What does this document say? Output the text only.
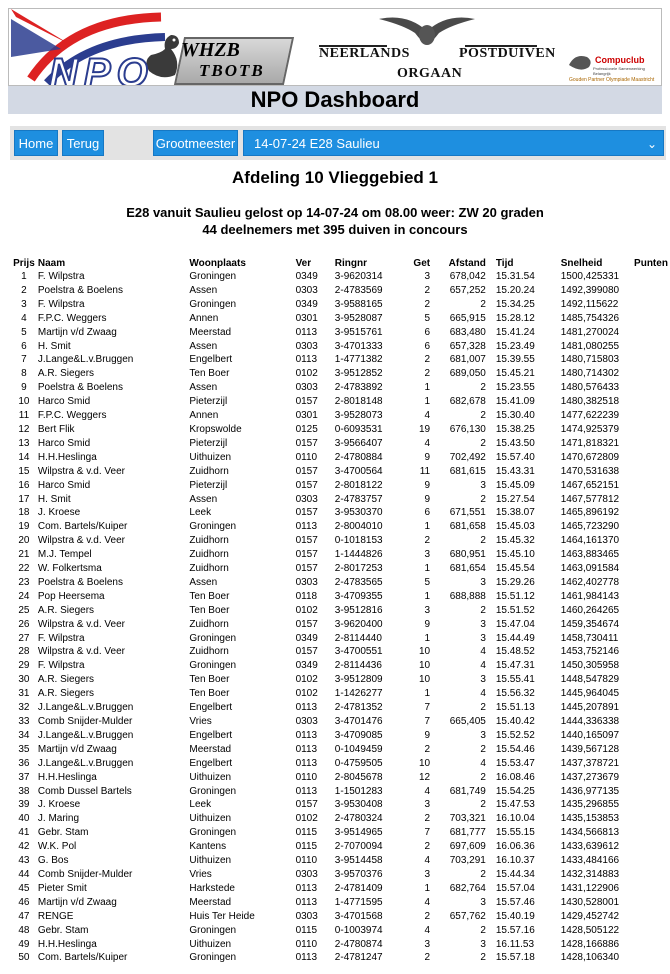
NPO
WHZB
TBOTB
NEERLANDS	POSTDUIVEN
ORGAAN
Compuclub
Professionele Samenwerking Belangrijk
Gouden Partner Olympiade Maastricht
NPO Dashboard
Home	Terug	Grootmeester	14-07-24 E28 Saulieu	⌄
Afdeling 10 Vlieggebied 1
E28 vanuit Saulieu gelost op 14-07-24 om 08.00 weer: ZW 20 graden
44 deelnemers met 395 duiven in concours
Prijs	Naam	Woonplaats	Ver	Ringnr	Get	Afstand	Tijd	Snelheid	Punten
1	F. Wilpstra	Groningen	0349	3-9620314	3	678,042	15.31.54	1500,425331	
2	Poelstra & Boelens	Assen	0303	2-4783569	2	657,252	15.20.24	1492,399080	
3	F. Wilpstra	Groningen	0349	3-9588165	2	2	15.34.25	1492,115622	
4	F.P.C. Weggers	Annen	0301	3-9528087	5	665,915	15.28.12	1485,754326	
5	Martijn v/d Zwaag	Meerstad	0113	3-9515761	6	683,480	15.41.24	1481,270024	
6	H. Smit	Assen	0303	3-4701333	6	657,328	15.23.49	1481,080255	
7	J.Lange&L.v.Bruggen	Engelbert	0113	1-4771382	2	681,007	15.39.55	1480,715803	
8	A.R. Siegers	Ten Boer	0102	3-9512852	2	689,050	15.45.21	1480,714302	
9	Poelstra & Boelens	Assen	0303	2-4783892	1	2	15.23.55	1480,576433	
10	Harco Smid	Pieterzijl	0157	2-8018148	1	682,678	15.41.09	1480,382518	
11	F.P.C. Weggers	Annen	0301	3-9528073	4	2	15.30.40	1477,622239	
12	Bert Flik	Kropswolde	0125	0-6093531	19	676,130	15.38.25	1474,925379	
13	Harco Smid	Pieterzijl	0157	3-9566407	4	2	15.43.50	1471,818321	
14	H.H.Heslinga	Uithuizen	0110	2-4780884	9	702,492	15.57.40	1470,672809	
15	Wilpstra & v.d. Veer	Zuidhorn	0157	3-4700564	11	681,615	15.43.31	1470,531638	
16	Harco Smid	Pieterzijl	0157	2-8018122	9	3	15.45.09	1467,652151	
17	H. Smit	Assen	0303	2-4783757	9	2	15.27.54	1467,577812	
18	J. Kroese	Leek	0157	3-9530370	6	671,551	15.38.07	1465,896192	
19	Com. Bartels/Kuiper	Groningen	0113	2-8004010	1	681,658	15.45.03	1465,723290	
20	Wilpstra & v.d. Veer	Zuidhorn	0157	0-1018153	2	2	15.45.32	1464,161370	
21	M.J. Tempel	Zuidhorn	0157	1-1444826	3	680,951	15.45.10	1463,883465	
22	W. Folkertsma	Zuidhorn	0157	2-8017253	1	681,654	15.45.54	1463,091584	
23	Poelstra & Boelens	Assen	0303	2-4783565	5	3	15.29.26	1462,402778	
24	Pop Heersema	Ten Boer	0118	3-4709355	1	688,888	15.51.12	1461,984143	
25	A.R. Siegers	Ten Boer	0102	3-9512816	3	2	15.51.52	1460,264265	
26	Wilpstra & v.d. Veer	Zuidhorn	0157	3-9620400	9	3	15.47.04	1459,354674	
27	F. Wilpstra	Groningen	0349	2-8114440	1	3	15.44.49	1458,730411	
28	Wilpstra & v.d. Veer	Zuidhorn	0157	3-4700551	10	4	15.48.52	1453,752146	
29	F. Wilpstra	Groningen	0349	2-8114436	10	4	15.47.31	1450,305958	
30	A.R. Siegers	Ten Boer	0102	3-9512809	10	3	15.55.41	1448,547829	
31	A.R. Siegers	Ten Boer	0102	1-1426277	1	4	15.56.32	1445,964045	
32	J.Lange&L.v.Bruggen	Engelbert	0113	2-4781352	7	2	15.51.13	1445,207891	
33	Comb Snijder-Mulder	Vries	0303	3-4701476	7	665,405	15.40.42	1444,336338	
34	J.Lange&L.v.Bruggen	Engelbert	0113	3-4709085	9	3	15.52.52	1440,165097	
35	Martijn v/d Zwaag	Meerstad	0113	0-1049459	2	2	15.54.46	1439,567128	
36	J.Lange&L.v.Bruggen	Engelbert	0113	0-4759505	10	4	15.53.47	1437,378721	
37	H.H.Heslinga	Uithuizen	0110	2-8045678	12	2	16.08.46	1437,273679	
38	Comb Dussel Bartels	Groningen	0113	1-1501283	4	681,749	15.54.25	1436,977135	
39	J. Kroese	Leek	0157	3-9530408	3	2	15.47.53	1435,296855	
40	J. Maring	Uithuizen	0102	2-4780324	2	703,321	16.10.04	1435,153853	
41	Gebr. Stam	Groningen	0115	3-9514965	7	681,777	15.55.15	1434,566813	
42	W.K. Pol	Kantens	0115	2-7070094	2	697,609	16.06.36	1433,639612	
43	G. Bos	Uithuizen	0110	3-9514458	4	703,291	16.10.37	1433,484166	
44	Comb Snijder-Mulder	Vries	0303	3-9570376	3	2	15.44.34	1432,314883	
45	Pieter Smit	Harkstede	0113	2-4781409	1	682,764	15.57.04	1431,122906	
46	Martijn v/d Zwaag	Meerstad	0113	1-4771595	4	3	15.57.46	1430,528001	
47	RENGE	Huis Ter Heide	0303	3-4701568	2	657,762	15.40.19	1429,452742	
48	Gebr. Stam	Groningen	0115	0-1003974	4	2	15.57.16	1428,505122	
49	H.H.Heslinga	Uithuizen	0110	2-4780874	3	3	16.11.53	1428,166886	
50	Com. Bartels/Kuiper	Groningen	0113	2-4781247	2	2	15.57.18	1428,106340	
